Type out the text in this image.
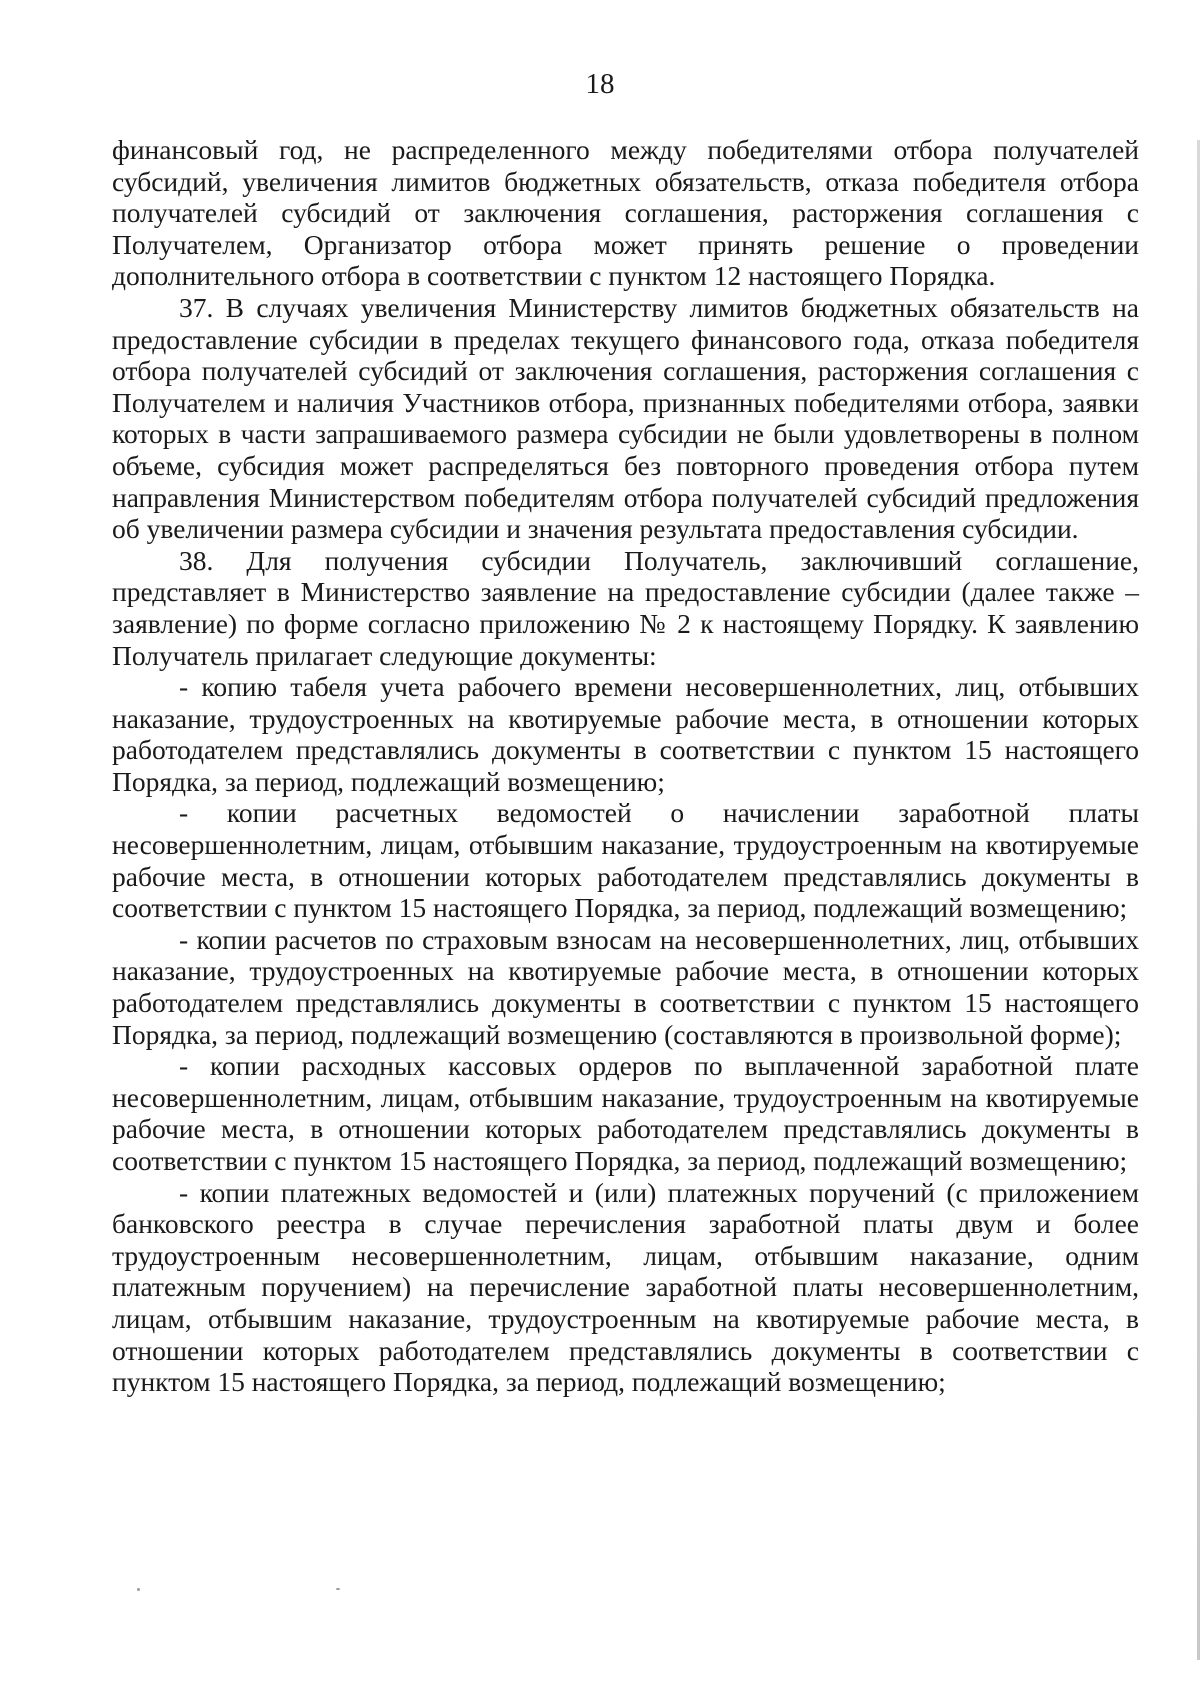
18

финансовый год, не распределенного между победителями отбора получателей субсидий, увеличения лимитов бюджетных обязательств, отказа победителя отбора получателей субсидий от заключения соглашения, расторжения соглашения с Получателем, Организатор отбора может принять решение о проведении дополнительного отбора в соответствии с пунктом 12 настоящего Порядка.

37. В случаях увеличения Министерству лимитов бюджетных обязательств на предоставление субсидии в пределах текущего финансового года, отказа победителя отбора получателей субсидий от заключения соглашения, расторжения соглашения с Получателем и наличия Участников отбора, признанных победителями отбора, заявки которых в части запрашиваемого размера субсидии не были удовлетворены в полном объеме, субсидия может распределяться без повторного проведения отбора путем направления Министерством победителям отбора получателей субсидий предложения об увеличении размера субсидии и значения результата предоставления субсидии.

38. Для получения субсидии Получатель, заключивший соглашение, представляет в Министерство заявление на предоставление субсидии (далее также – заявление) по форме согласно приложению № 2 к настоящему Порядку. К заявлению Получатель прилагает следующие документы:

- копию табеля учета рабочего времени несовершеннолетних, лиц, отбывших наказание, трудоустроенных на квотируемые рабочие места, в отношении которых работодателем представлялись документы в соответствии с пунктом 15 настоящего Порядка, за период, подлежащий возмещению;

- копии расчетных ведомостей о начислении заработной платы несовершеннолетним, лицам, отбывшим наказание, трудоустроенным на квотируемые рабочие места, в отношении которых работодателем представлялись документы в соответствии с пунктом 15 настоящего Порядка, за период, подлежащий возмещению;

- копии расчетов по страховым взносам на несовершеннолетних, лиц, отбывших наказание, трудоустроенных на квотируемые рабочие места, в отношении которых работодателем представлялись документы в соответствии с пунктом 15 настоящего Порядка, за период, подлежащий возмещению (составляются в произвольной форме);

- копии расходных кассовых ордеров по выплаченной заработной плате несовершеннолетним, лицам, отбывшим наказание, трудоустроенным на квотируемые рабочие места, в отношении которых работодателем представлялись документы в соответствии с пунктом 15 настоящего Порядка, за период, подлежащий возмещению;

- копии платежных ведомостей и (или) платежных поручений (с приложением банковского реестра в случае перечисления заработной платы двум и более трудоустроенным несовершеннолетним, лицам, отбывшим наказание, одним платежным поручением) на перечисление заработной платы несовершеннолетним, лицам, отбывшим наказание, трудоустроенным на квотируемые рабочие места, в отношении которых работодателем представлялись документы в соответствии с пунктом 15 настоящего Порядка, за период, подлежащий возмещению;
